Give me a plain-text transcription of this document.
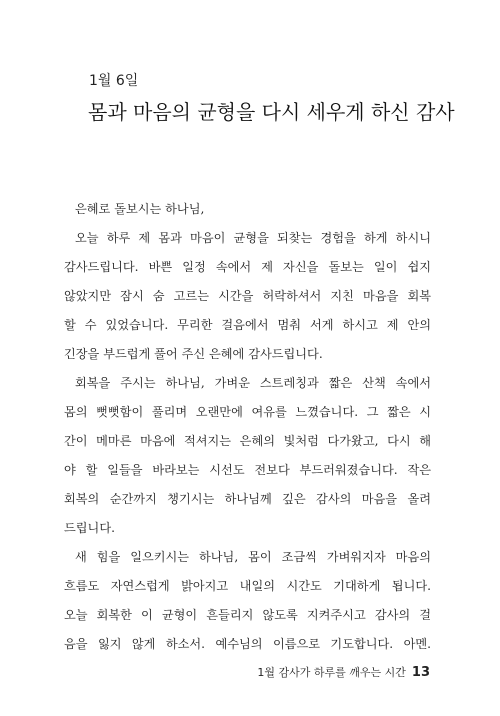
1월 6일
몸과 마음의 균형을 다시 세우게 하신 감사
은혜로 돌보시는 하나님,
오늘 하루 제 몸과 마음이 균형을 되찾는 경험을 하게 하시니
감사드립니다. 바쁜 일정 속에서 제 자신을 돌보는 일이 쉽지
않았지만 잠시 숨 고르는 시간을 허락하셔서 지친 마음을 회복
할 수 있었습니다. 무리한 걸음에서 멈춰 서게 하시고 제 안의
긴장을 부드럽게 풀어 주신 은혜에 감사드립니다.
회복을 주시는 하나님, 가벼운 스트레칭과 짧은 산책 속에서
몸의 뻣뻣함이 풀리며 오랜만에 여유를 느꼈습니다. 그 짧은 시
간이 메마른 마음에 적셔지는 은혜의 빛처럼 다가왔고, 다시 해
야 할 일들을 바라보는 시선도 전보다 부드러워졌습니다. 작은
회복의 순간까지 챙기시는 하나님께 깊은 감사의 마음을 올려
드립니다.
새 힘을 일으키시는 하나님, 몸이 조금씩 가벼워지자 마음의
흐름도 자연스럽게 밝아지고 내일의 시간도 기대하게 됩니다.
오늘 회복한 이 균형이 흔들리지 않도록 지켜주시고 감사의 걸
음을 잃지 않게 하소서. 예수님의 이름으로 기도합니다. 아멘.
1월 감사가 하루를 깨우는 시간 13
